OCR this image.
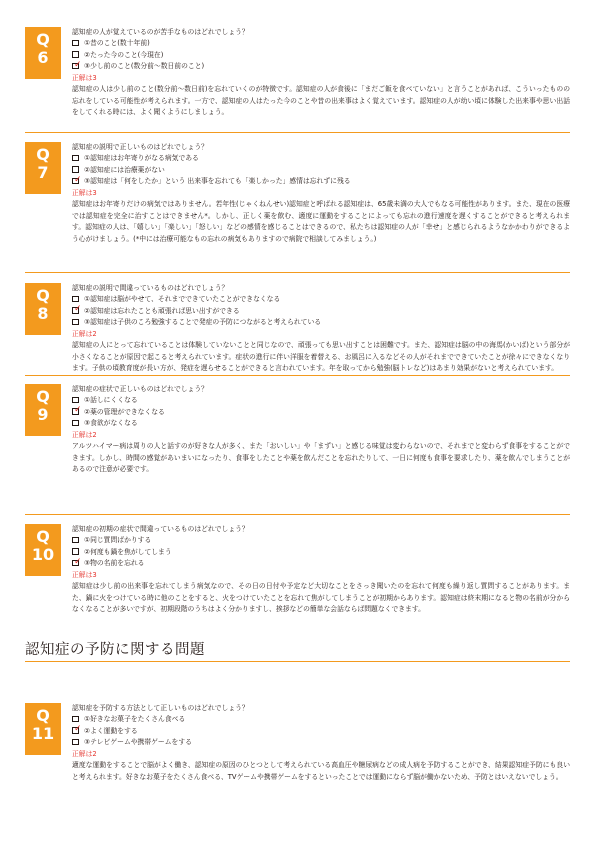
Q
6
認知症の人が覚えているのが苦手なものはどれでしょう？
①昔のこと(数十年前)
②たった今のこと(今現在)
✓ ③少し前のこと(数分前～数日前のこと)
正解は3
認知症の人は少し前のこと(数分前～数日前)を忘れていくのが特徴です。認知症の人が食後に「まだご飯を食べていない」と言うことがあれば、こういったものの忘れをしている可能性が考えられます。一方で、認知症の人はたった今のことや昔の出来事はよく覚えています。認知症の人が幼い頃に体験した出来事や思い出話をしてくれる時には、よく聞くようにしましょう。
Q
7
認知症の説明で正しいものはどれでしょう？
①認知症はお年寄りがなる病気である
②認知症には治療薬がない
✓ ③認知症は「何をしたか」という 出来事を忘れても「楽しかった」感情は忘れずに残る
正解は3
認知症はお年寄りだけの病気ではありません。若年性(じゃくねんせい)認知症と呼ばれる認知症は、65歳未満の大人でもなる可能性があります。また、現在の医療では認知症を完全に治すことはできません*。しかし、正しく薬を飲む、適度に運動をすることによっても忘れの進行速度を遅くすることができると考えられます。認知症の人は、「嬉しい」「楽しい」「怒しい」などの感情を感じることはできるので、私たちは認知症の人が「幸せ」と感じられるようなかかわりができるよう心がけましょう。(*中には治療可能なもの忘れの病気もありますので病院で相談してみましょう。)
Q
8
認知症の説明で間違っているものはどれでしょう？
①認知症は脳がやせて、それまでできていたことができなくなる
✓ ②認知症は忘れたことも頑張れば思い出すができる
③認知症は子供のころ勉強することで発症の予防につながると考えられている
正解は2
認知症の人にとって忘れていることは体験していないことと同じなので、頑張っても思い出すことは困難です。また、認知症は脳の中の海馬(かいば)という部分が小さくなることが原因で起こると考えられています。症状の進行に伴い洋服を着替える、お風呂に入るなどその人がそれまでできていたことが徐々にできなくなります。子供の頃教育度が長い方が、発症を遅らせることができると言われています。年を取ってから勉強(脳トレなど)はあまり効果がないと考えられています。
Q
9
認知症の症状で正しいものはどれでしょう？
①話しにくくなる
✓ ②薬の管理ができなくなる
③食欲がなくなる
正解は2
アルツハイマー病は周りの人と話すのが好きな人が多く、また「おいしい」や「まずい」と感じる味覚は変わらないので、それまでと変わらず食事をすることができます。しかし、時間の感覚があいまいになったり、食事をしたことや薬を飲んだことを忘れたりして、一日に何度も食事を要求したり、薬を飲んでしまうことがあるので注意が必要です。
Q
10
認知症の初期の症状で間違っているものはどれでしょう？
①同じ質問ばかりする
②何度も鍋を焦がしてしまう
✓ ③物の名前を忘れる
正解は3
認知症は少し前の出来事を忘れてしまう病気なので、その日の日付や予定など大切なことをさっき聞いたのを忘れて何度も繰り返し質問することがあります。また、鍋に火をつけている時に他のことをすると、火をつけていたことを忘れて焦がしてしまうことが初期からあります。認知症は終末期になると物の名前が分からなくなることが多いですが、初期段階のうちはよく分かりますし、挨拶などの簡単な会話ならば問題なくできます。
認知症の予防に関する問題
Q
11
認知症を予防する方法として正しいものはどれでしょう？
①好きなお菓子をたくさん食べる
✓ ②よく運動をする
③テレビゲームや携帯ゲームをする
正解は2
適度な運動をすることで脳がよく働き、認知症の原因のひとつとして考えられている高血圧や糖尿病などの成人病を予防することができ、結果認知症予防にも良いと考えられます。好きなお菓子をたくさん食べる、TVゲームや携帯ゲームをするといったことでは運動にならず脳が働かないため、予防とはいえないでしょう。
